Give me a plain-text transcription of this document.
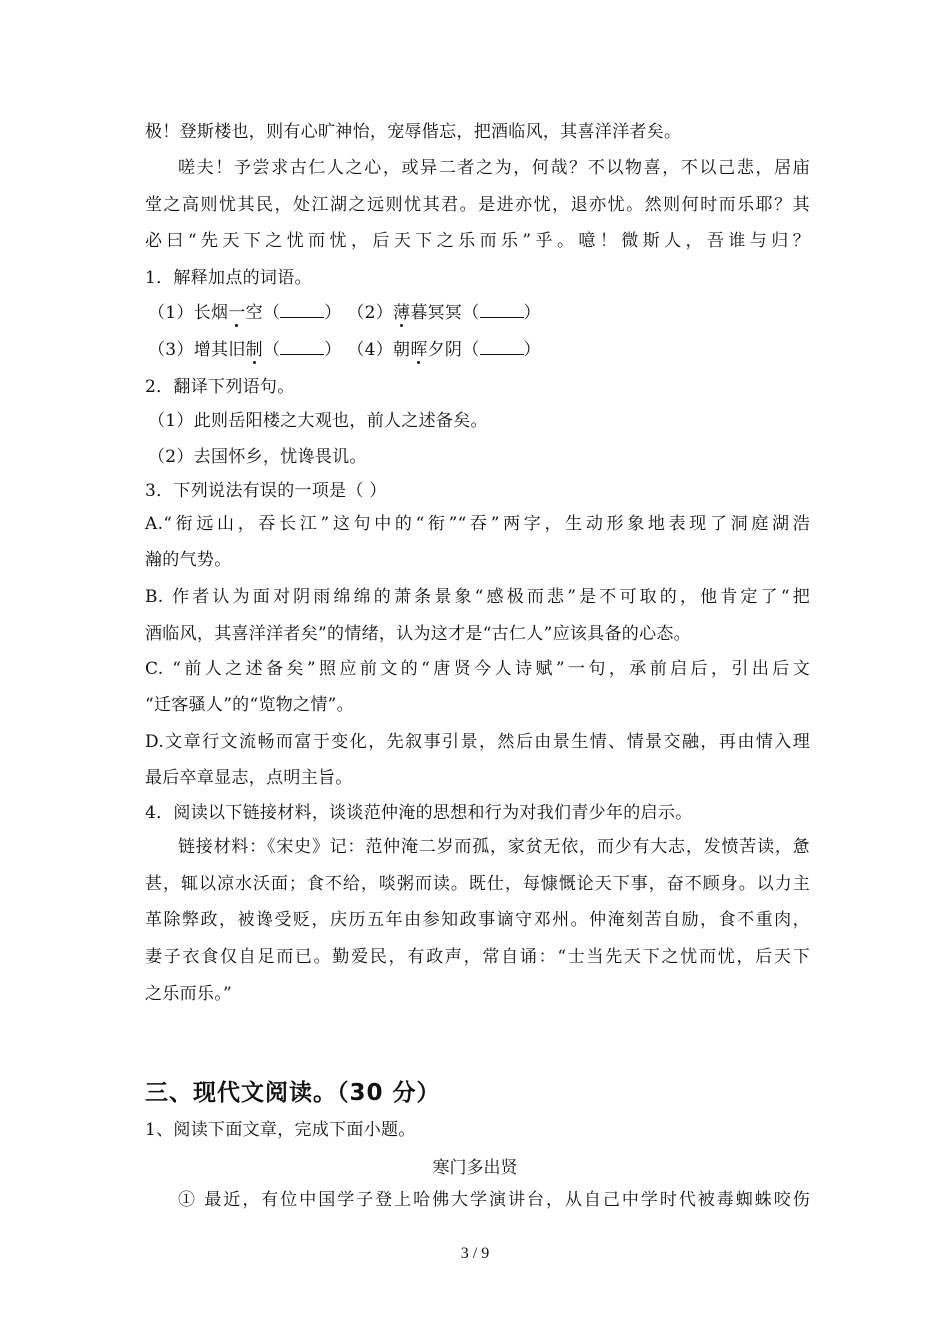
极！登斯楼也，则有心旷神怡，宠辱偕忘，把酒临风，其喜洋洋者矣。
嗟夫！予尝求古仁人之心，或异二者之为，何哉？不以物喜，不以己悲，居庙
堂之高则忧其民，处江湖之远则忧其君。是进亦忧，退亦忧。然则何时而乐耶？其
必曰“先天下之忧而忧，后天下之乐而乐”乎。噫！微斯人，吾谁与归？
1．解释加点的词语。
（1）长烟一空（	） （2）薄暮冥冥（	）
（3）增其旧制（	） （4）朝晖夕阴（	）
2．翻译下列语句。
（1）此则岳阳楼之大观也，前人之述备矣。
（2）去国怀乡，忧谗畏讥。
3．下列说法有误的一项是（ ）
A.“衔远山，吞长江”这句中的“衔”“吞”两字，生动形象地表现了洞庭湖浩
瀚的气势。
B. 作者认为面对阴雨绵绵的萧条景象“感极而悲”是不可取的，他肯定了“把
酒临风，其喜洋洋者矣”的情绪，认为这才是“古仁人”应该具备的心态。
C. “前人之述备矣”照应前文的“唐贤今人诗赋”一句，承前启后，引出后文
“迁客骚人”的“览物之情”。
D.文章行文流畅而富于变化，先叙事引景，然后由景生情、情景交融，再由情入理
最后卒章显志，点明主旨。
4．阅读以下链接材料，谈谈范仲淹的思想和行为对我们青少年的启示。
链接材料：《宋史》记：范仲淹二岁而孤，家贫无依，而少有大志，发愤苦读，惫
甚，辄以凉水沃面；食不给，啖粥而读。既仕，每慷慨论天下事，奋不顾身。以力主
革除弊政，被谗受贬，庆历五年由参知政事谪守邓州。仲淹刻苦自励，食不重肉，
妻子衣食仅自足而已。勤爱民，有政声，常自诵：“士当先天下之忧而忧，后天下
之乐而乐。”
三、现代文阅读。（30 分）
1、阅读下面文章，完成下面小题。
寒门多出贤
① 最近，有位中国学子登上哈佛大学演讲台，从自己中学时代被毒蜘蛛咬伤
3 / 9
